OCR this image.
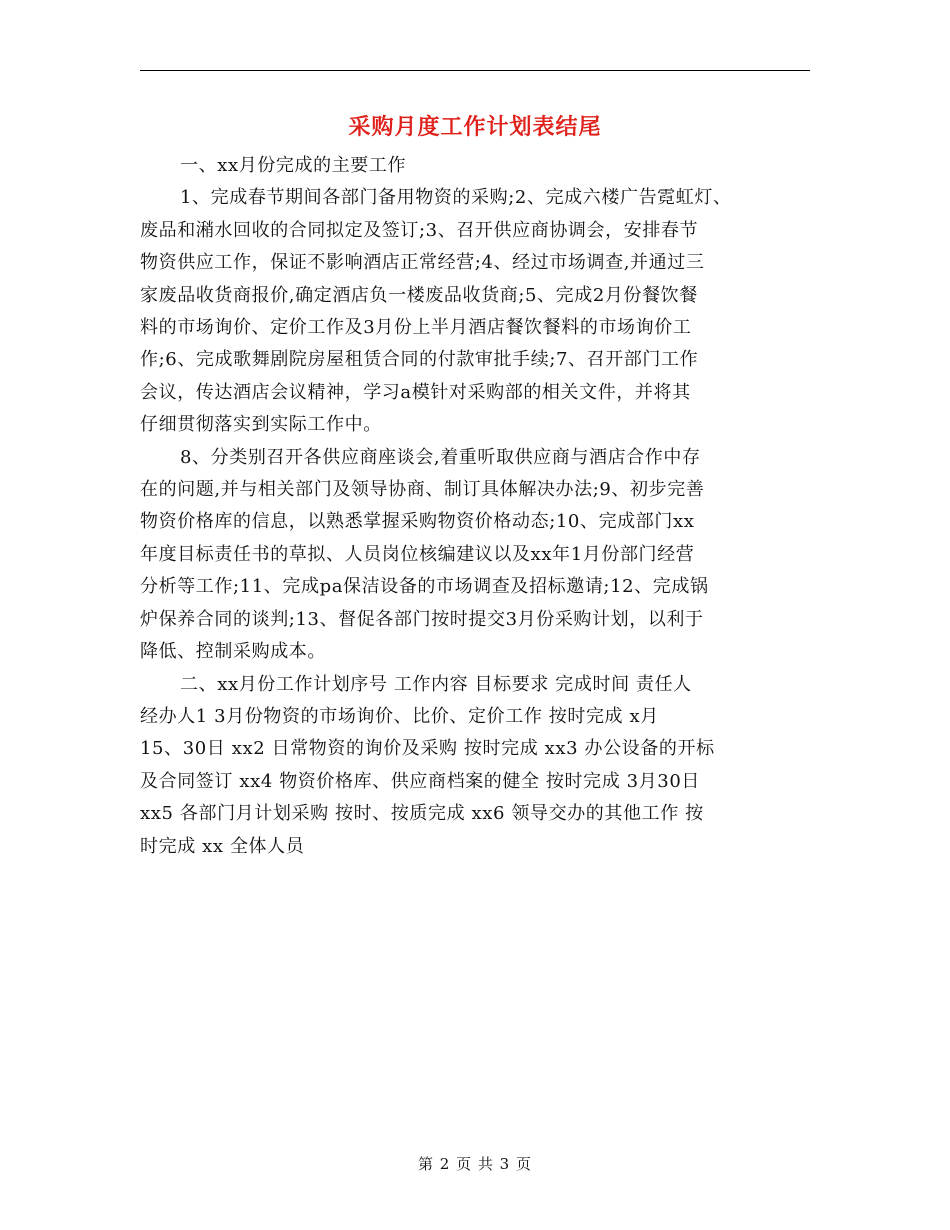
采购月度工作计划表结尾
一、xx月份完成的主要工作
1、完成春节期间各部门备用物资的采购;2、完成六楼广告霓虹灯、
废品和潲水回收的合同拟定及签订;3、召开供应商协调会，安排春节
物资供应工作，保证不影响酒店正常经营;4、经过市场调查,并通过三
家废品收货商报价,确定酒店负一楼废品收货商;5、完成2月份餐饮餐
料的市场询价、定价工作及3月份上半月酒店餐饮餐料的市场询价工
作;6、完成歌舞剧院房屋租赁合同的付款审批手续;7、召开部门工作
会议，传达酒店会议精神，学习a模针对采购部的相关文件，并将其
仔细贯彻落实到实际工作中。
8、分类别召开各供应商座谈会,着重听取供应商与酒店合作中存
在的问题,并与相关部门及领导协商、制订具体解决办法;9、初步完善
物资价格库的信息，以熟悉掌握采购物资价格动态;10、完成部门xx
年度目标责任书的草拟、人员岗位核编建议以及xx年1月份部门经营
分析等工作;11、完成pa保洁设备的市场调查及招标邀请;12、完成锅
炉保养合同的谈判;13、督促各部门按时提交3月份采购计划，以利于
降低、控制采购成本。
二、xx月份工作计划序号 工作内容 目标要求 完成时间 责任人
经办人1 3月份物资的市场询价、比价、定价工作 按时完成 x月
15、30日 xx2 日常物资的询价及采购 按时完成 xx3 办公设备的开标
及合同签订 xx4 物资价格库、供应商档案的健全 按时完成 3月30日
xx5 各部门月计划采购 按时、按质完成 xx6 领导交办的其他工作 按
时完成 xx 全体人员
第 2 页 共 3 页
